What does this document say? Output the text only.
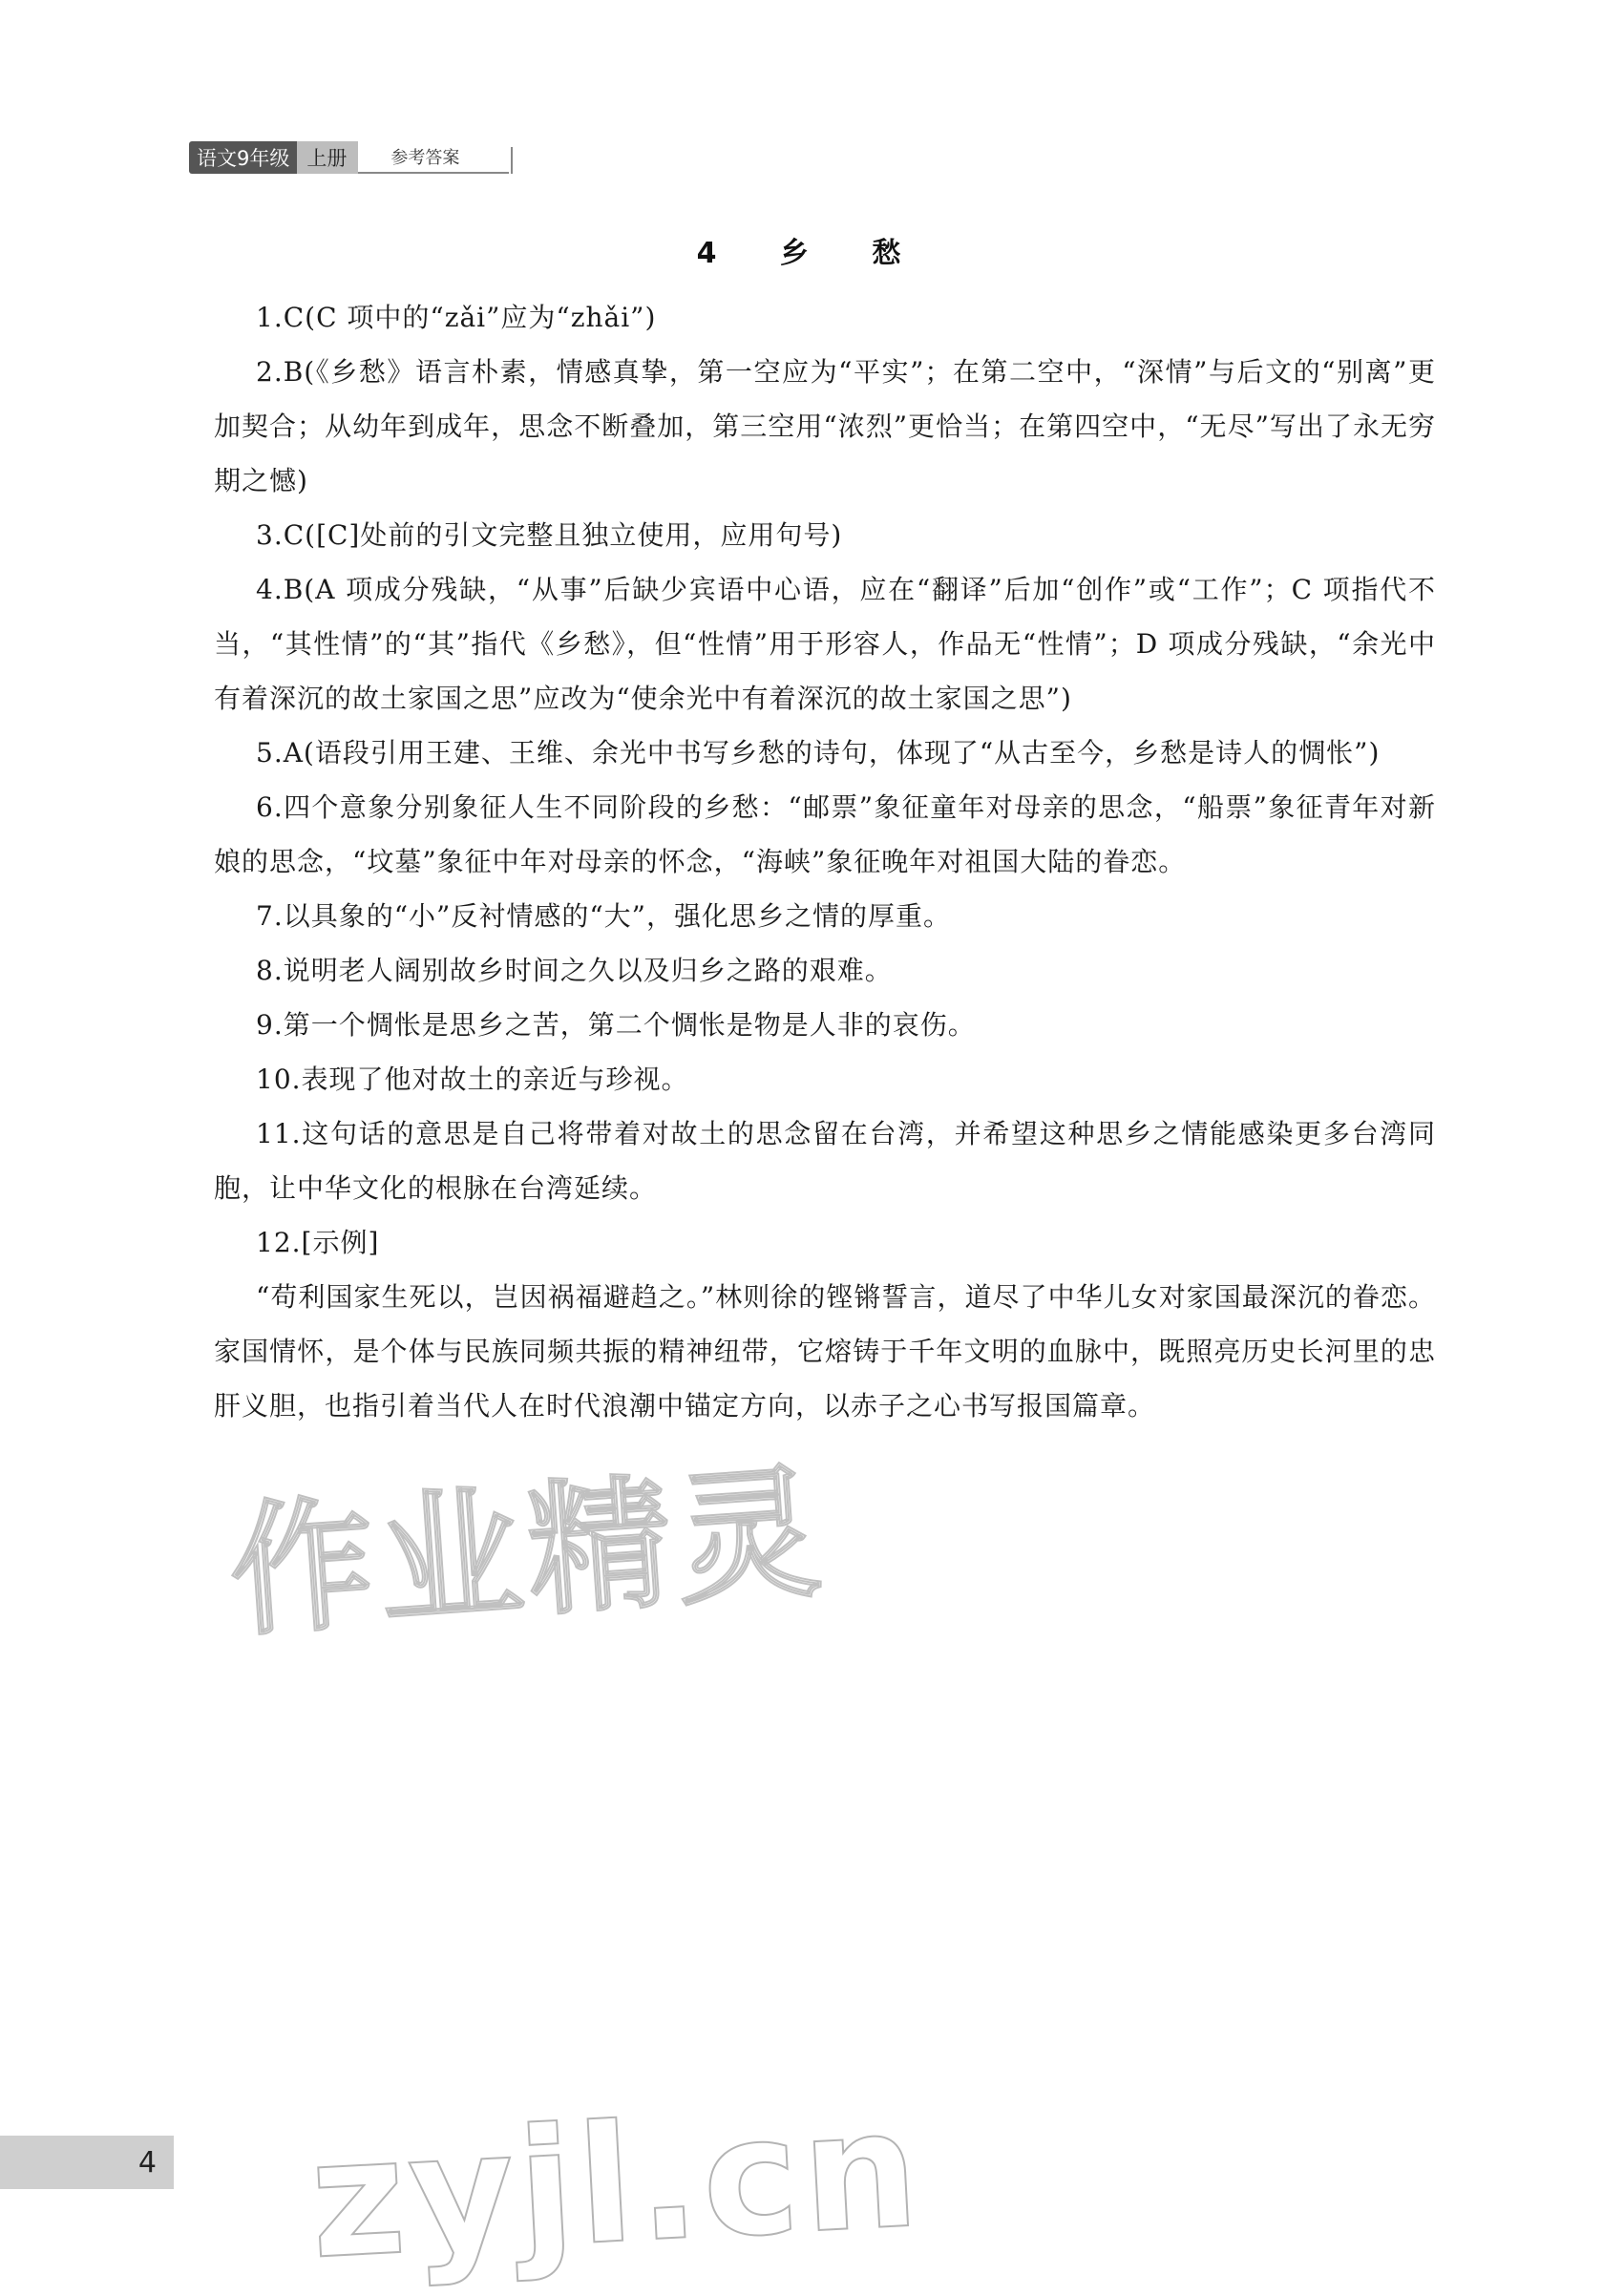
语文9年级 上册	参考答案
4 乡 愁

1.C(C 项中的“zǎi”应为“zhǎi”)

2.B(《乡愁》语言朴素，情感真挚，第一空应为“平实”；在第二空中，“深情”与后文的“别离”更加契合；从幼年到成年，思念不断叠加，第三空用“浓烈”更恰当；在第四空中，“无尽”写出了永无穷期之憾)

3.C([C]处前的引文完整且独立使用，应用句号)

4.B(A 项成分残缺，“从事”后缺少宾语中心语，应在“翻译”后加“创作”或“工作”；C 项指代不当，“其性情”的“其”指代《乡愁》，但“性情”用于形容人，作品无“性情”；D 项成分残缺，“余光中有着深沉的故土家国之思”应改为“使余光中有着深沉的故土家国之思”)

5.A(语段引用王建、王维、余光中书写乡愁的诗句，体现了“从古至今，乡愁是诗人的惆怅”)

6.四个意象分别象征人生不同阶段的乡愁：“邮票”象征童年对母亲的思念，“船票”象征青年对新娘的思念，“坟墓”象征中年对母亲的怀念，“海峡”象征晚年对祖国大陆的眷恋。

7.以具象的“小”反衬情感的“大”，强化思乡之情的厚重。

8.说明老人阔别故乡时间之久以及归乡之路的艰难。

9.第一个惆怅是思乡之苦，第二个惆怅是物是人非的哀伤。

10.表现了他对故土的亲近与珍视。

11.这句话的意思是自己将带着对故土的思念留在台湾，并希望这种思乡之情能感染更多台湾同胞，让中华文化的根脉在台湾延续。

12.[示例]

“苟利国家生死以，岂因祸福避趋之。”林则徐的铿锵誓言，道尽了中华儿女对家国最深沉的眷恋。家国情怀，是个体与民族同频共振的精神纽带，它熔铸于千年文明的血脉中，既照亮历史长河里的忠肝义胆，也指引着当代人在时代浪潮中锚定方向，以赤子之心书写报国篇章。

作业精灵
zyjl.cn
4
